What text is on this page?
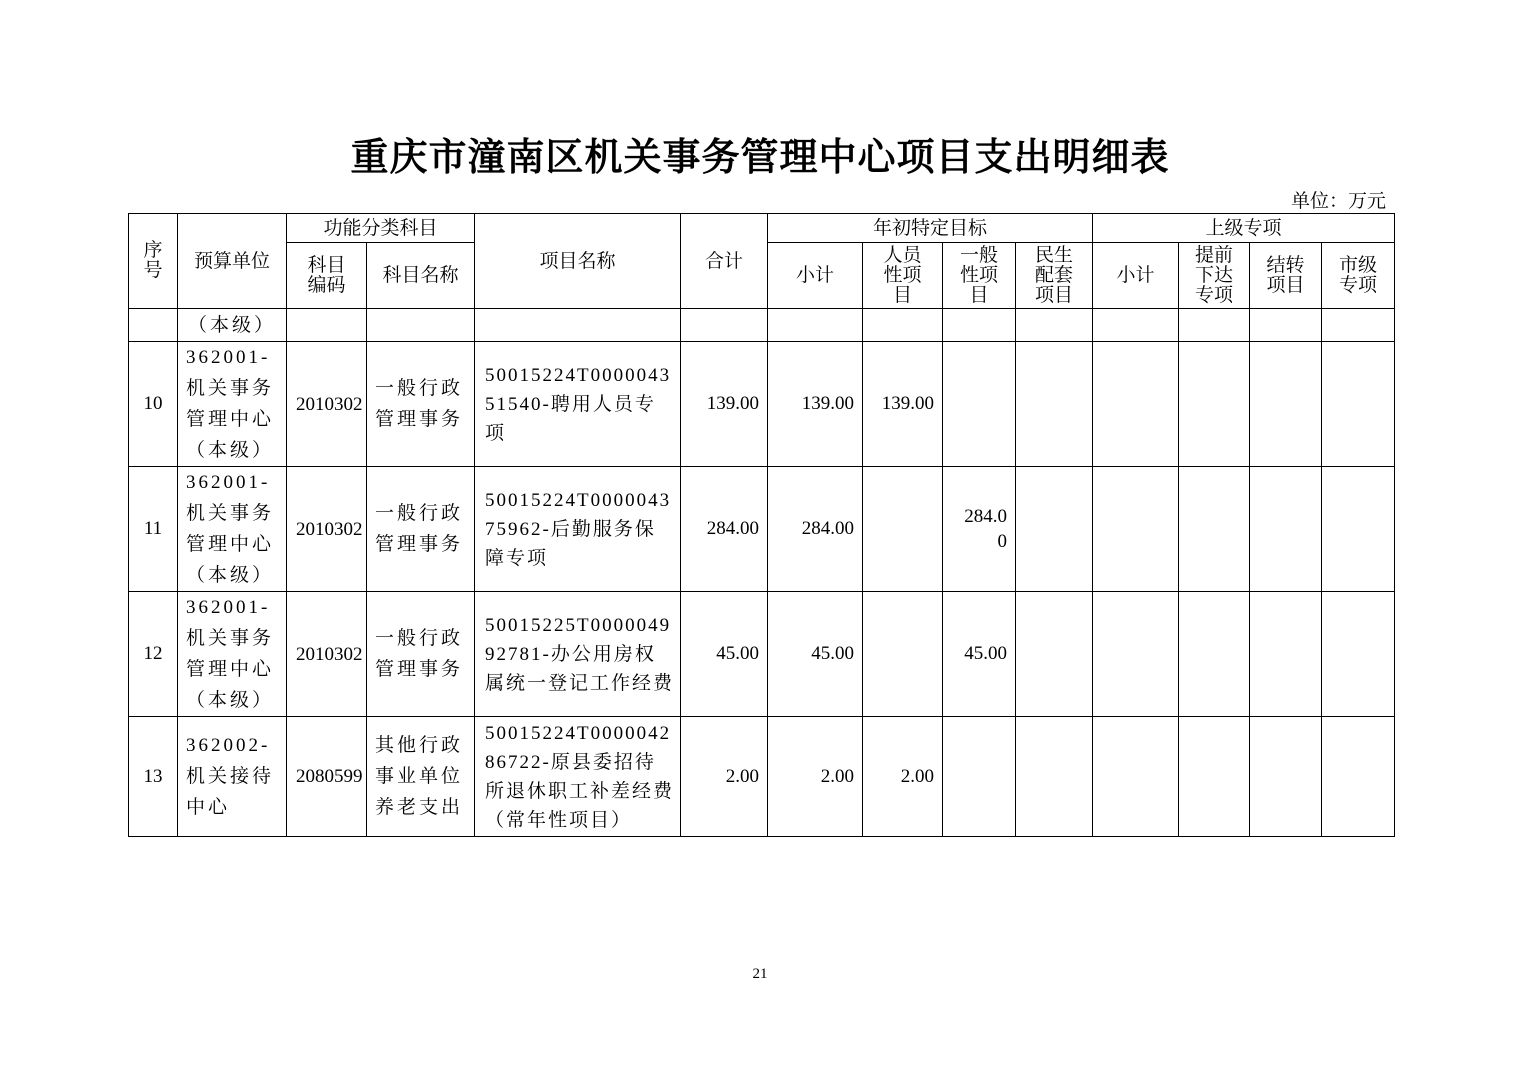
重庆市潼南区机关事务管理中心项目支出明细表
单位：万元
序号	预算单位	功能分类科目		项目名称	合计	年初特定目标				上级专项			

		科目编码	科目名称			小计	人员性项目	一般性项目	民生配套项目	小计	提前下达专项	结转项目	市级专项

	（本级）												
10	362001-机关事务管理中心（本级）	2010302	一般行政管理事务	50015224T000004351540-聘用人员专项	139.00	139.00	139.00						
11	362001-机关事务管理中心（本级）	2010302	一般行政管理事务	50015224T000004375962-后勤服务保障专项	284.00	284.00		284.00					
12	362001-机关事务管理中心（本级）	2010302	一般行政管理事务	50015225T000004992781-办公用房权属统一登记工作经费	45.00	45.00		45.00					
13	362002-机关接待中心	2080599	其他行政事业单位养老支出	50015224T000004286722-原县委招待所退休职工补差经费（常年性项目）	2.00	2.00	2.00						
21
